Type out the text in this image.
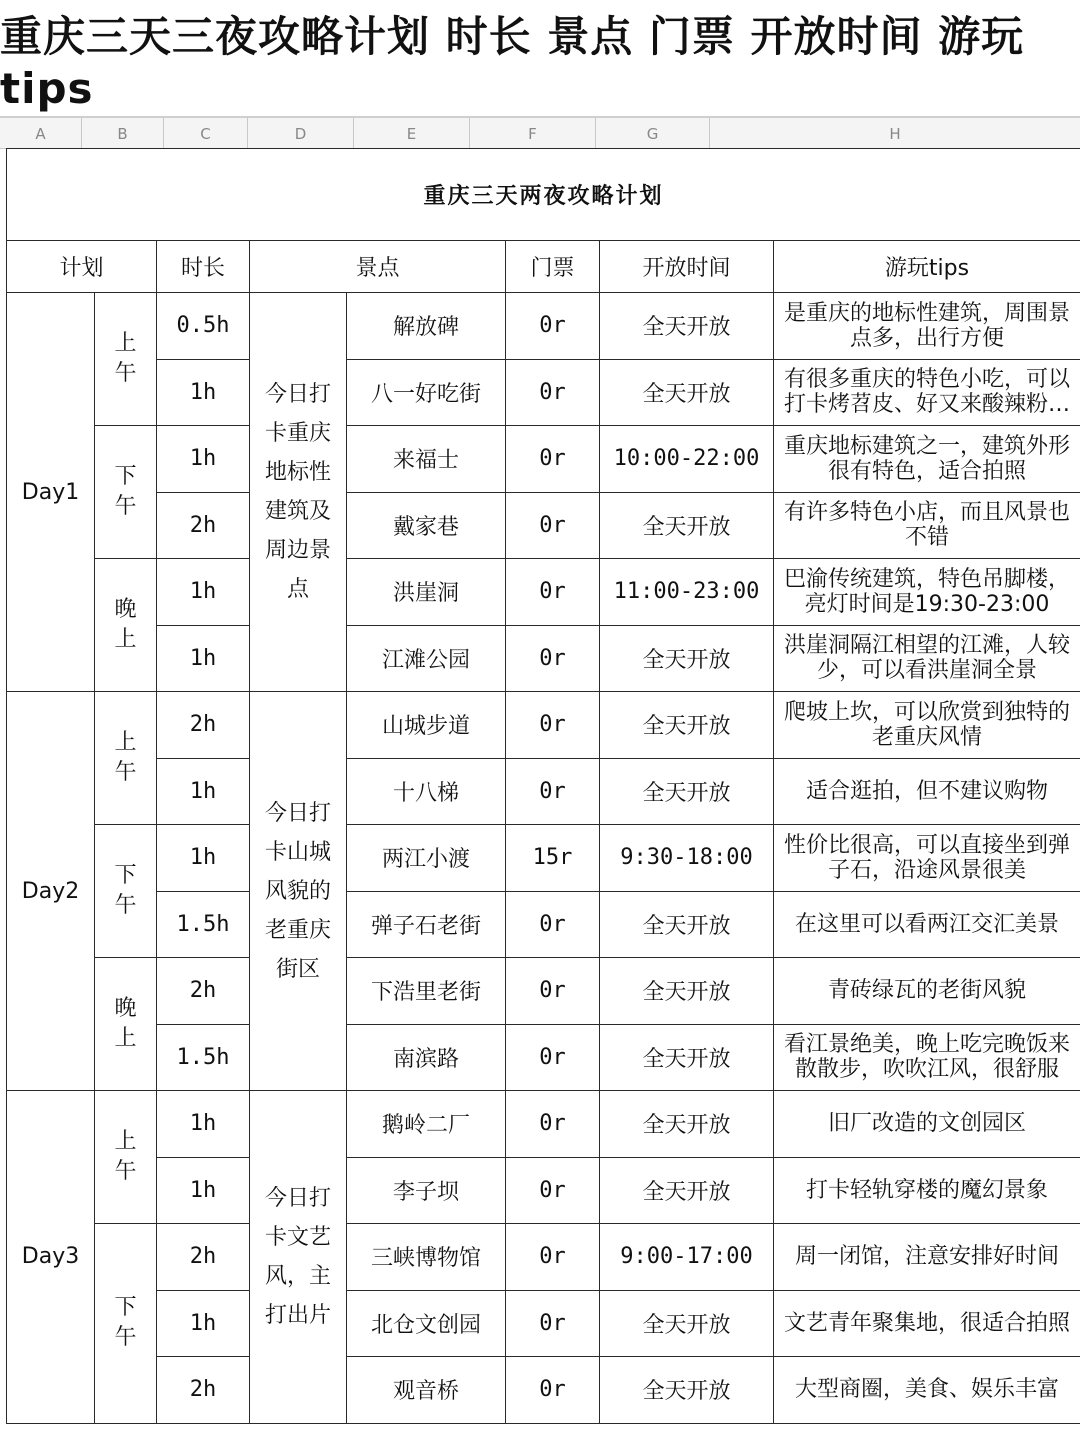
重庆三天三夜攻略计划 时长 景点 门票 开放时间 游玩tips
A	B	C	D	E	F	G	H
重庆三天两夜攻略计划							
计划		时长	景点		门票	开放时间	游玩tips
Day1	上午	0.5h	今日打卡重庆地标性建筑及周边景点	解放碑	0r	全天开放	是重庆的地标性建筑，周围景点多，出行方便
		1h		八一好吃街	0r	全天开放	有很多重庆的特色小吃，可以打卡烤苕皮、好又来酸辣粉…

	下午	1h		来福士	0r	10:00-22:00	重庆地标建筑之一，建筑外形很有特色，适合拍照
		2h		戴家巷	0r	全天开放	有许多特色小店，而且风景也不错

	晚上	1h		洪崖洞	0r	11:00-23:00	巴渝传统建筑，特色吊脚楼，亮灯时间是19:30-23:00
		1h		江滩公园	0r	全天开放	洪崖洞隔江相望的江滩，人较少，可以看洪崖洞全景
Day2	上午	2h	今日打卡山城风貌的老重庆街区	山城步道	0r	全天开放	爬坡上坎，可以欣赏到独特的老重庆风情
		1h		十八梯	0r	全天开放	适合逛拍，但不建议购物

	下午	1h		两江小渡	15r	9:30-18:00	性价比很高，可以直接坐到弹子石，沿途风景很美
		1.5h		弹子石老街	0r	全天开放	在这里可以看两江交汇美景

	晚上	2h		下浩里老街	0r	全天开放	青砖绿瓦的老街风貌
		1.5h		南滨路	0r	全天开放	看江景绝美，晚上吃完晚饭来散散步，吹吹江风，很舒服
Day3	上午	1h	今日打卡文艺风，主打出片	鹅岭二厂	0r	全天开放	旧厂改造的文创园区
		1h		李子坝	0r	全天开放	打卡轻轨穿楼的魔幻景象

	下午	2h		三峡博物馆	0r	9:00-17:00	周一闭馆，注意安排好时间
		1h		北仓文创园	0r	全天开放	文艺青年聚集地，很适合拍照
		2h		观音桥	0r	全天开放	大型商圈，美食、娱乐丰富
